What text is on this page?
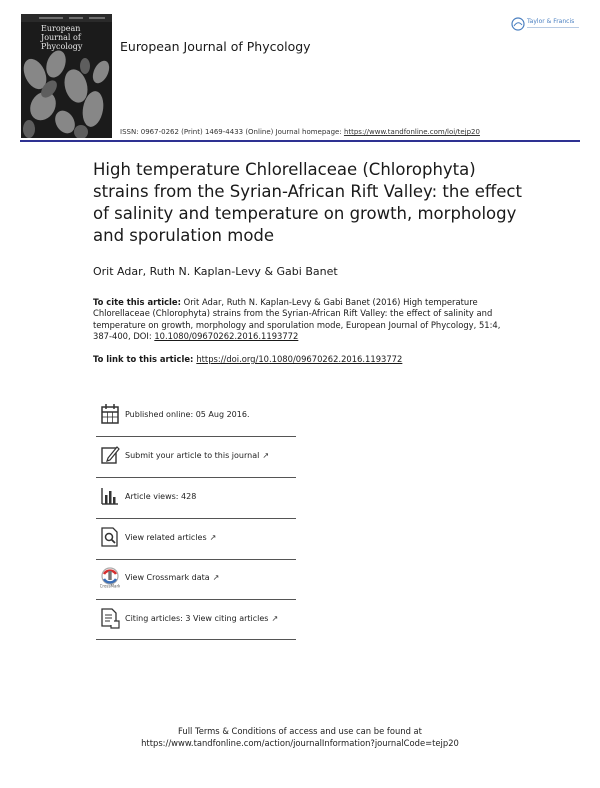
European
Journal of
Phycology	European Journal of Phycology
Taylor & Francis
ISSN: 0967-0262 (Print) 1469-4433 (Online) Journal homepage: https://www.tandfonline.com/loi/tejp20
High temperature Chlorellaceae (Chlorophyta) strains from the Syrian-African Rift Valley: the effect of salinity and temperature on growth, morphology and sporulation mode
Orit Adar, Ruth N. Kaplan-Levy & Gabi Banet
To cite this article: Orit Adar, Ruth N. Kaplan-Levy & Gabi Banet (2016) High temperature Chlorellaceae (Chlorophyta) strains from the Syrian-African Rift Valley: the effect of salinity and temperature on growth, morphology and sporulation mode, European Journal of Phycology, 51:4, 387-400, DOI: 10.1080/09670262.2016.1193772
To link to this article: https://doi.org/10.1080/09670262.2016.1193772
Published online: 05 Aug 2016.
Submit your article to this journal ↗
Article views: 428
View related articles ↗
CrossMark
View Crossmark data ↗
Citing articles: 3 View citing articles ↗
Full Terms & Conditions of access and use can be found at
https://www.tandfonline.com/action/journalInformation?journalCode=tejp20
